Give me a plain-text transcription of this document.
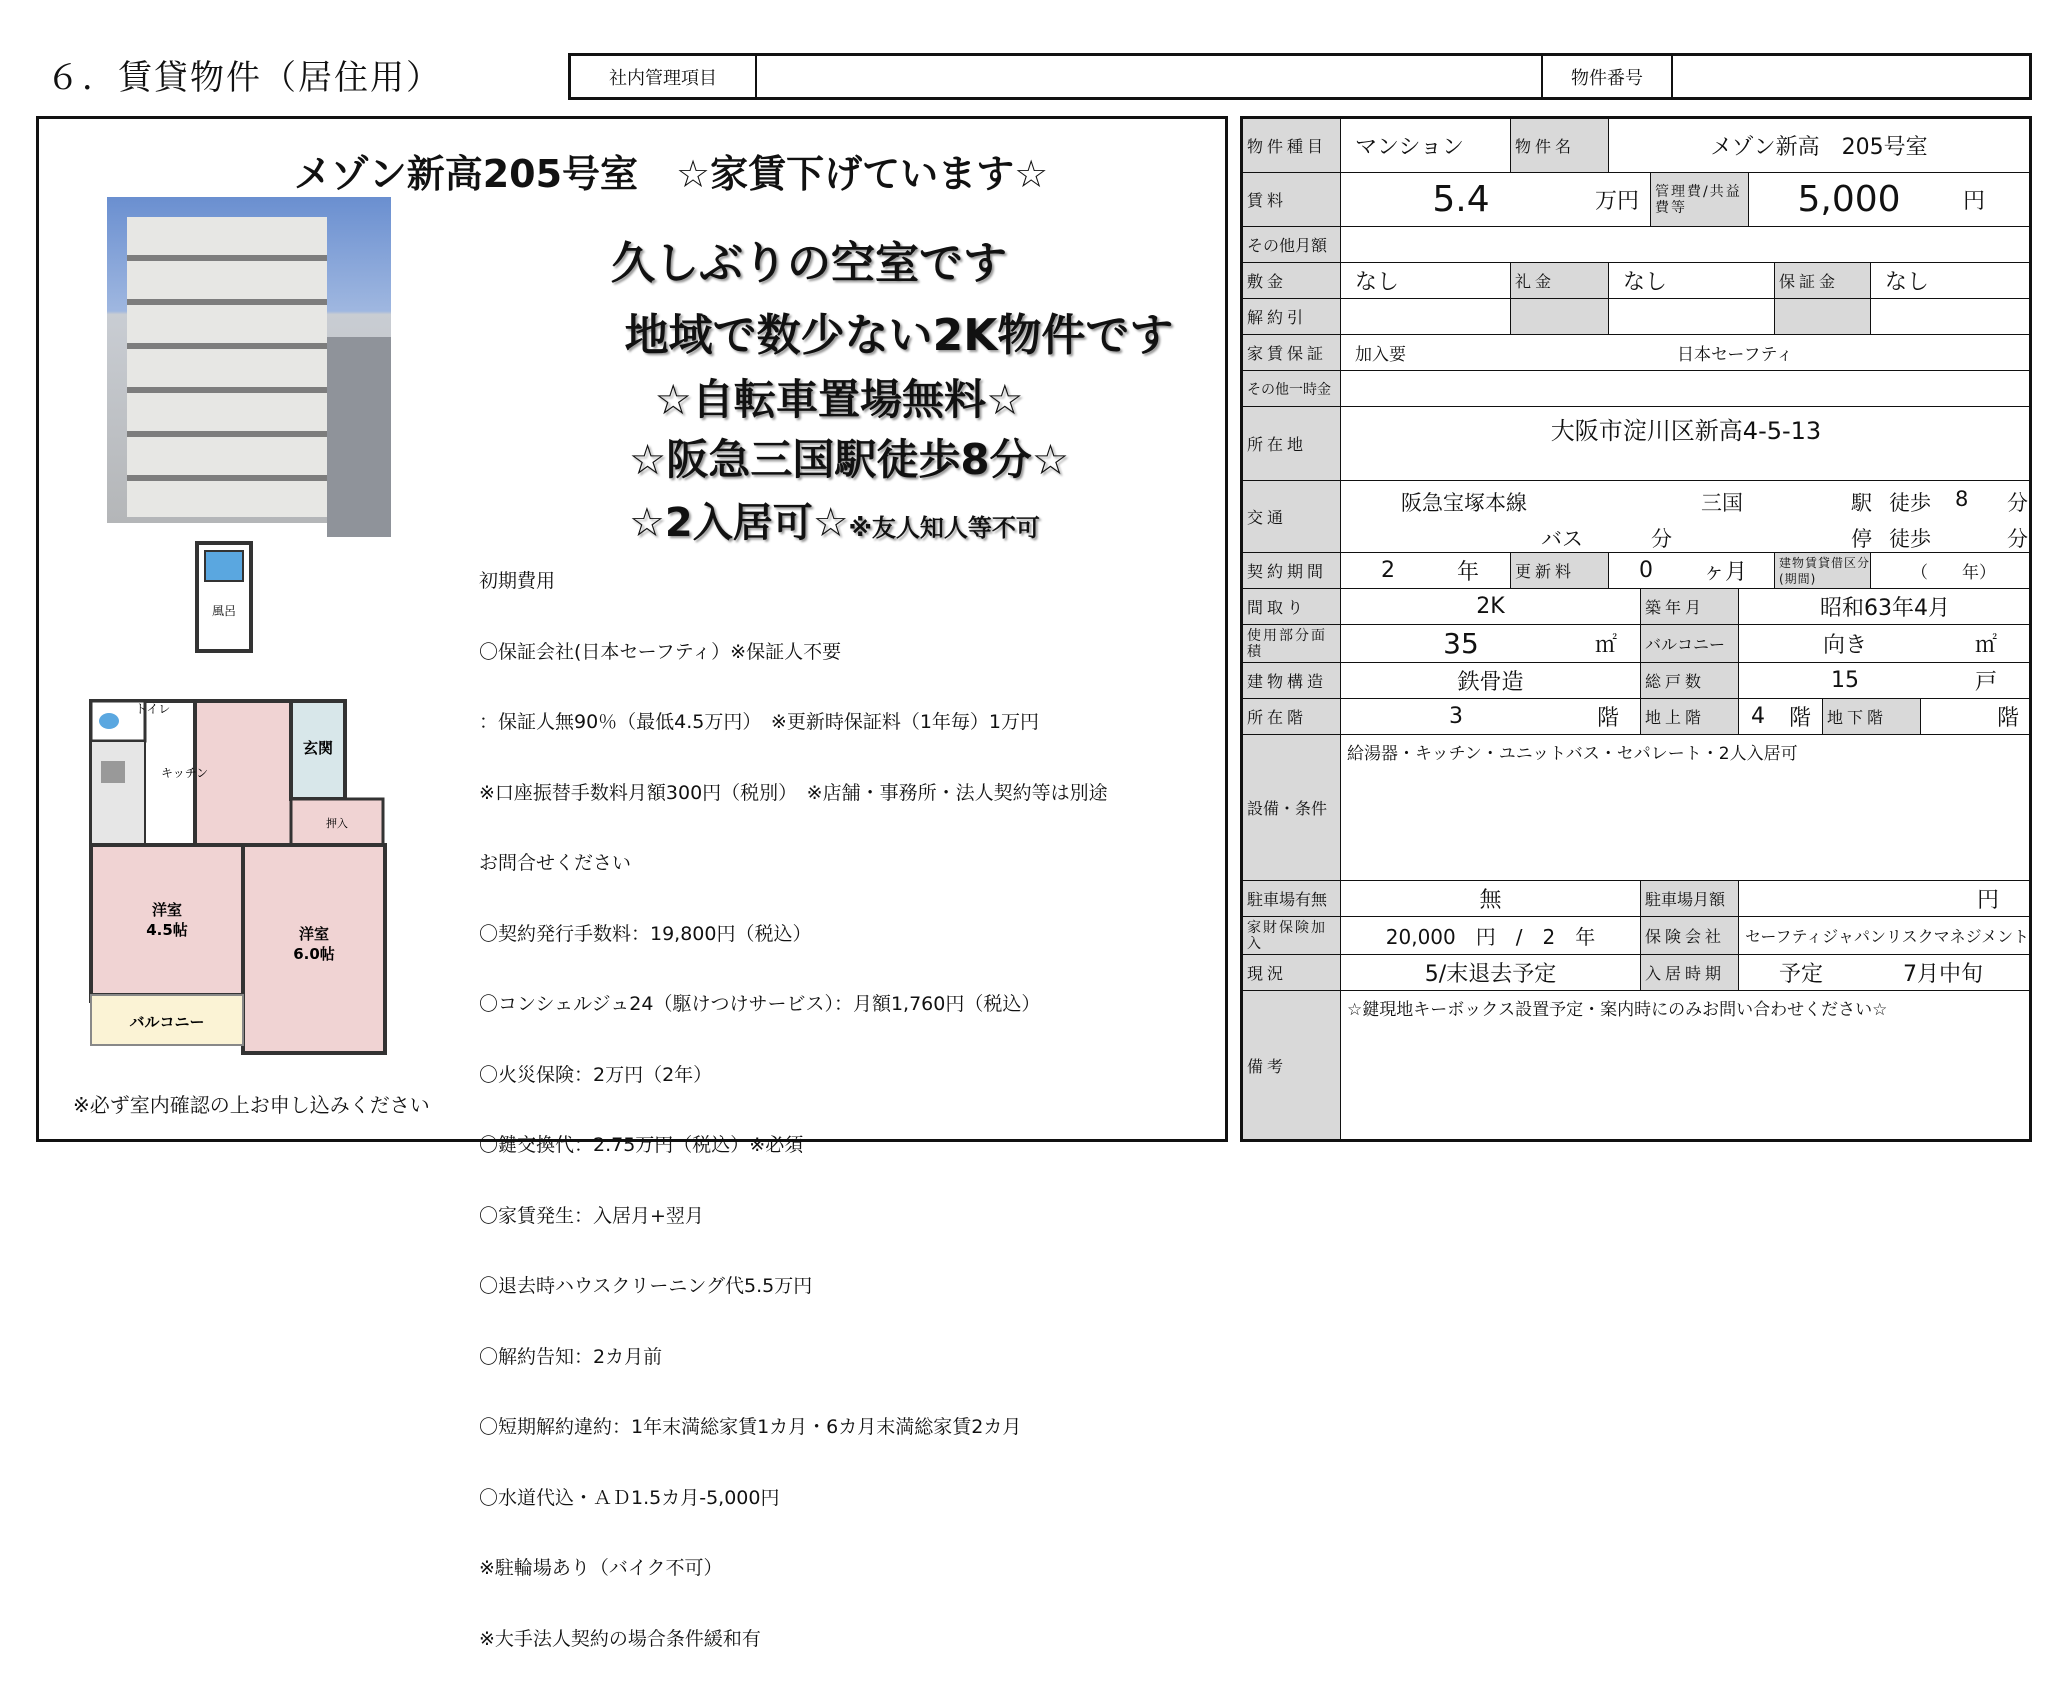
６．賃貸物件（居住用）	社内管理項目	物件番号
メゾン新高205号室　☆家賃下げています☆
久しぶりの空室です
地域で数少ない2K物件です
☆自転車置場無料☆
☆阪急三国駅徒歩8分☆
☆2入居可☆※友人知人等不可

初期費用

〇保証会社(日本セーフティ）※保証人不要

：保証人無90％（最低4.5万円）　※更新時保証料（1年毎）1万円

※口座振替手数料月額300円（税別）　※店舗・事務所・法人契約等は別途

お問合せください

〇契約発行手数料：19,800円（税込）

〇コンシェルジュ24（駆けつけサービス）：月額1,760円（税込）

〇火災保険：2万円（2年）

〇鍵交換代：2.75万円（税込）※必須

〇家賃発生：入居月+翌月

〇退去時ハウスクリーニング代5.5万円

〇解約告知：2カ月前

〇短期解約違約：1年末満総家賃1カ月・6カ月末満総家賃2カ月

〇水道代込・ＡＤ1.5カ月-5,000円

※駐輪場あり（バイク不可）

※大手法人契約の場合条件緩和有

風呂
トイレ
キッチン
玄関
押入
洋室
4.5帖	洋室
6.0帖
バルコニー
※必ず室内確認の上お申し込みください
物件種目	マンション	物件名	メゾン新高　205号室
賃料	5.4	万円	管理費/共益費等	5,000	円
その他月額
敷金	なし	礼金	なし	保証金	なし
解約引
家賃保証	加入要	日本セーフティ
その他一時金
所在地	大阪市淀川区新高4-5-13
交通
阪急宝塚本線	三国	駅 徒歩 8 分
バス	分	停 徒歩	分
契約期間	2	年	更新料	0	ヶ月	建物賃貸借区分(期間)	（　　年）
間取り	2K	築年月	昭和63年4月
使用部分面積	35	㎡	バルコニー	向き	㎡
建物構造	鉄骨造	総戸数	15	戸
所在階	3	階	地上階	4	階 地下階	階
設備・条件
給湯器・キッチン・ユニットバス・セパレート・2人入居可
駐車場有無	無	駐車場月額	円
家財保険加入	20,000　円　/　2　年	保険会社	セーフティジャパンリスクマネジメント
現況	5/末退去予定	入居時期	予定	7月中旬
備考
☆鍵現地キーボックス設置予定・案内時にのみお問い合わせください☆
